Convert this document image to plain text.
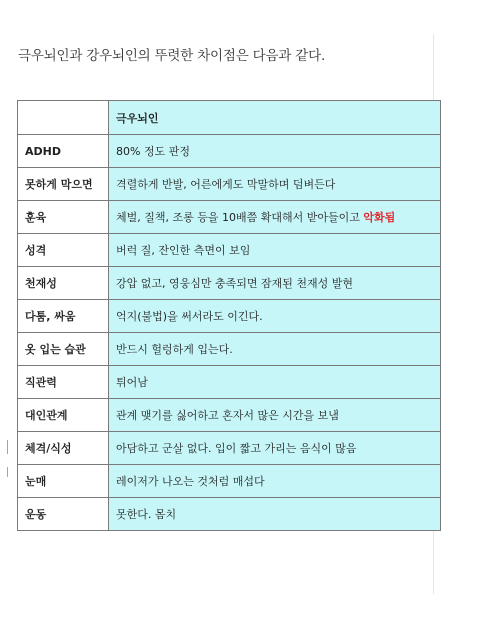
극우뇌인과 강우뇌인의 뚜렷한 차이점은 다음과 같다.
	극우뇌인
ADHD	80% 정도 판정
못하게 막으면	격렬하게 반발, 어른에게도 막말하며 덤벼든다
훈육	체벌, 질책, 조롱 등을 10배쯤 확대해서 받아들이고 악화됨
성격	버럭 질, 잔인한 측면이 보임
천재성	강압 없고, 영웅심만 충족되면 잠재된 천재성 발현
다툼, 싸움	억지(불법)을 써서라도 이긴다.
옷 입는 습관	반드시 헐렁하게 입는다.
직관력	튀어남
대인관계	관계 맺기를 싫어하고 혼자서 많은 시간을 보냄
체격/식성	아담하고 군살 없다. 입이 짧고 가리는 음식이 많음
눈매	레이저가 나오는 것처럼 매섭다
운동	못한다. 몸치
